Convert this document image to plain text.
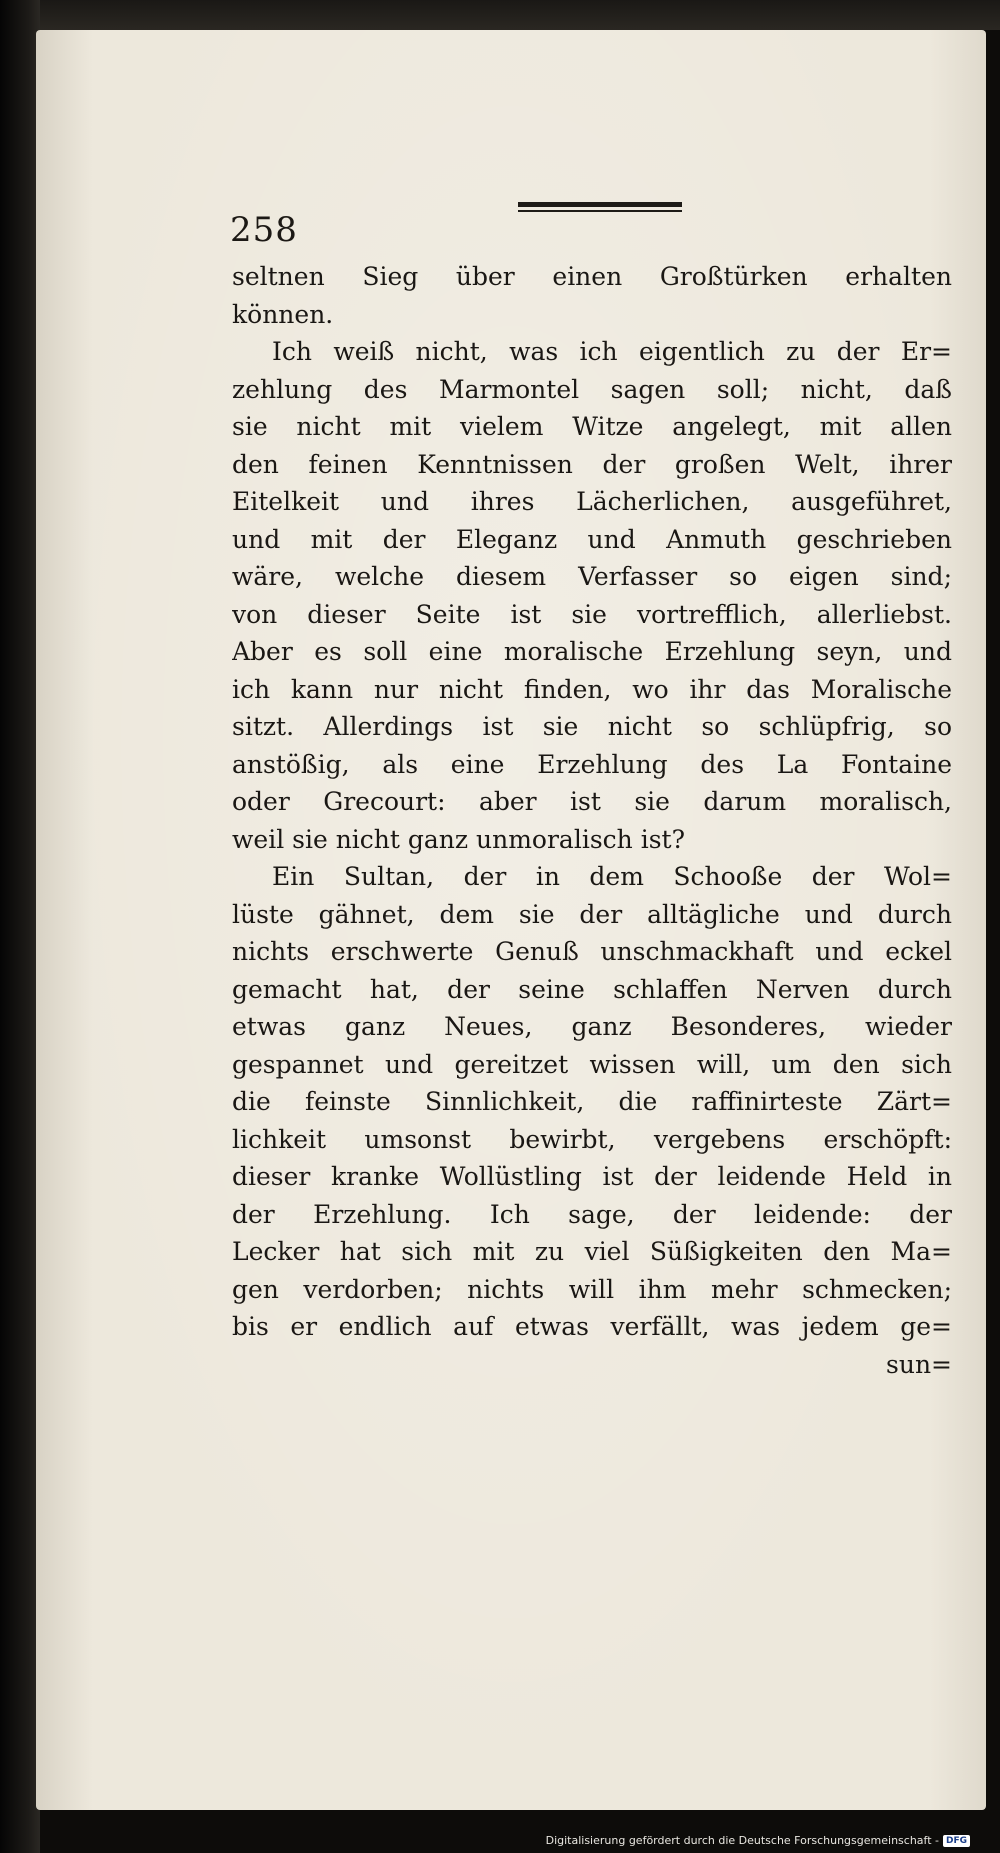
258
seltnen Sieg über einen Großtürken erhalten
können.
Ich weiß nicht, was ich eigentlich zu der Er=
zehlung des Marmontel sagen soll; nicht, daß
sie nicht mit vielem Witze angelegt, mit allen
den feinen Kenntnissen der großen Welt, ihrer
Eitelkeit und ihres Lächerlichen, ausgeführet,
und mit der Eleganz und Anmuth geschrieben
wäre, welche diesem Verfasser so eigen sind;
von dieser Seite ist sie vortrefflich, allerliebst.
Aber es soll eine moralische Erzehlung seyn, und
ich kann nur nicht finden, wo ihr das Moralische
sitzt. Allerdings ist sie nicht so schlüpfrig, so
anstößig, als eine Erzehlung des La Fontaine
oder Grecourt: aber ist sie darum moralisch,
weil sie nicht ganz unmoralisch ist?
Ein Sultan, der in dem Schooße der Wol=
lüste gähnet, dem sie der alltägliche und durch
nichts erschwerte Genuß unschmackhaft und eckel
gemacht hat, der seine schlaffen Nerven durch
etwas ganz Neues, ganz Besonderes, wieder
gespannet und gereitzet wissen will, um den sich
die feinste Sinnlichkeit, die raffinirteste Zärt=
lichkeit umsonst bewirbt, vergebens erschöpft:
dieser kranke Wollüstling ist der leidende Held in
der Erzehlung. Ich sage, der leidende: der
Lecker hat sich mit zu viel Süßigkeiten den Ma=
gen verdorben; nichts will ihm mehr schmecken;
bis er endlich auf etwas verfällt, was jedem ge=
sun=
Digitalisierung gefördert durch die Deutsche Forschungsgemeinschaft - DFG
